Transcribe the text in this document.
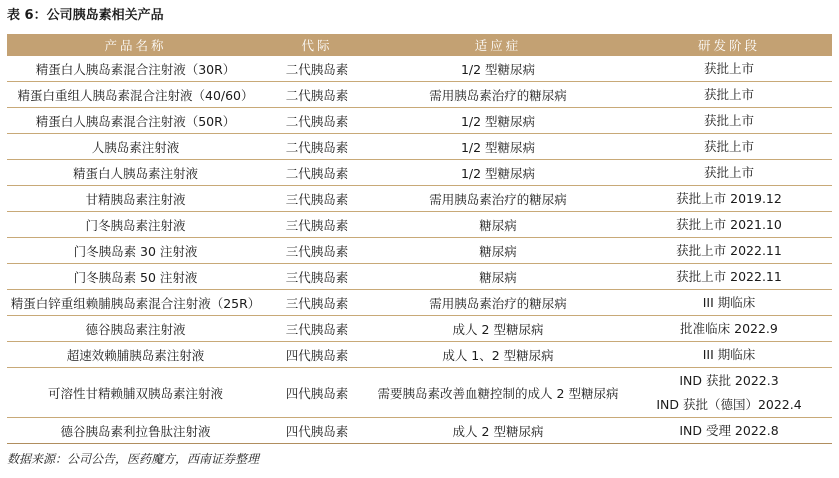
表 6：公司胰岛素相关产品
产品名称	代际	适应症	研发阶段
精蛋白人胰岛素混合注射液（30R）	二代胰岛素	1/2 型糖尿病	获批上市

精蛋白重组人胰岛素混合注射液（40/60）	二代胰岛素	需用胰岛素治疗的糖尿病	获批上市

精蛋白人胰岛素混合注射液（50R）	二代胰岛素	1/2 型糖尿病	获批上市

人胰岛素注射液	二代胰岛素	1/2 型糖尿病	获批上市

精蛋白人胰岛素注射液	二代胰岛素	1/2 型糖尿病	获批上市

甘精胰岛素注射液	三代胰岛素	需用胰岛素治疗的糖尿病	获批上市 2019.12

门冬胰岛素注射液	三代胰岛素	糖尿病	获批上市 2021.10

门冬胰岛素 30 注射液	三代胰岛素	糖尿病	获批上市 2022.11

门冬胰岛素 50 注射液	三代胰岛素	糖尿病	获批上市 2022.11

精蛋白锌重组赖脯胰岛素混合注射液（25R）	三代胰岛素	需用胰岛素治疗的糖尿病	III 期临床

德谷胰岛素注射液	三代胰岛素	成人 2 型糖尿病	批准临床 2022.9

超速效赖脯胰岛素注射液	四代胰岛素	成人 1、2 型糖尿病	III 期临床

可溶性甘精赖脯双胰岛素注射液	四代胰岛素	需要胰岛素改善血糖控制的成人 2 型糖尿病	IND 获批 2022.3
IND 获批（德国）2022.4

德谷胰岛素利拉鲁肽注射液	四代胰岛素	成人 2 型糖尿病	IND 受理 2022.8
数据来源：公司公告，医药魔方，西南证券整理
